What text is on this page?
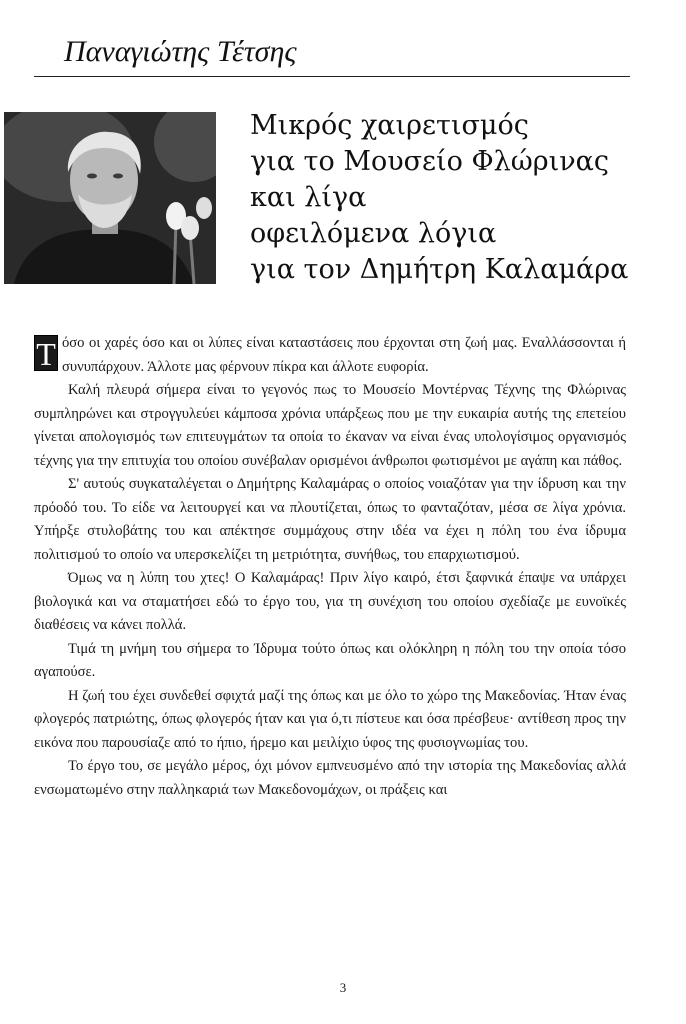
Παναγιώτης Τέτσης
Μικρός χαιρετισμός
για το Μουσείο Φλώρινας
και λίγα
οφειλόμενα λόγια
για τον Δημήτρη Καλαμάρα

Τ όσο οι χαρές όσο και οι λύπες είναι καταστάσεις που έρχονται στη ζωή μας. Εναλλάσσονται ή συνυπάρχουν. Άλλοτε μας φέρνουν πίκρα και άλλοτε ευφορία.

Καλή πλευρά σήμερα είναι το γεγονός πως το Μουσείο Μοντέρνας Τέχνης της Φλώρινας συμπληρώνει και στρογγυλεύει κάμποσα χρόνια υπάρξεως που με την ευκαιρία αυτής της επετείου γίνεται απολογισμός των επιτευγμάτων τα οποία το έκαναν να είναι ένας υπολογίσιμος οργανισμός τέχνης για την επιτυχία του οποίου συνέβαλαν ορισμένοι άνθρωποι φωτισμένοι με αγάπη και πάθος.

Σ' αυτούς συγκαταλέγεται ο Δημήτρης Καλαμάρας ο οποίος νοιαζόταν για την ίδρυση και την πρόοδό του. Το είδε να λειτουργεί και να πλουτίζεται, όπως το φανταζόταν, μέσα σε λίγα χρόνια. Υπήρξε στυλοβάτης του και απέκτησε συμμάχους στην ιδέα να έχει η πόλη του ένα ίδρυμα πολιτισμού το οποίο να υπερσκελίζει τη μετριότητα, συνήθως, του επαρχιωτισμού.

Όμως να η λύπη του χτες! Ο Καλαμάρας! Πριν λίγο καιρό, έτσι ξαφνικά έπαψε να υπάρχει βιολογικά και να σταματήσει εδώ το έργο του, για τη συνέχιση του οποίου σχεδίαζε με ευνοϊκές διαθέσεις να κάνει πολλά.

Τιμά τη μνήμη του σήμερα το Ίδρυμα τούτο όπως και ολόκληρη η πόλη του την οποία τόσο αγαπούσε.

Η ζωή του έχει συνδεθεί σφιχτά μαζί της όπως και με όλο το χώρο της Μακεδονίας. Ήταν ένας φλογερός πατριώτης, όπως φλογερός ήταν και για ό,τι πίστευε και όσα πρέσβευε· αντίθεση προς την εικόνα που παρουσίαζε από το ήπιο, ήρεμο και μειλίχιο ύφος της φυσιογνωμίας του.

Το έργο του, σε μεγάλο μέρος, όχι μόνον εμπνευσμένο από την ιστορία της Μακεδονίας αλλά ενσωματωμένο στην παλληκαριά των Μακεδονομάχων, οι πράξεις και

3
